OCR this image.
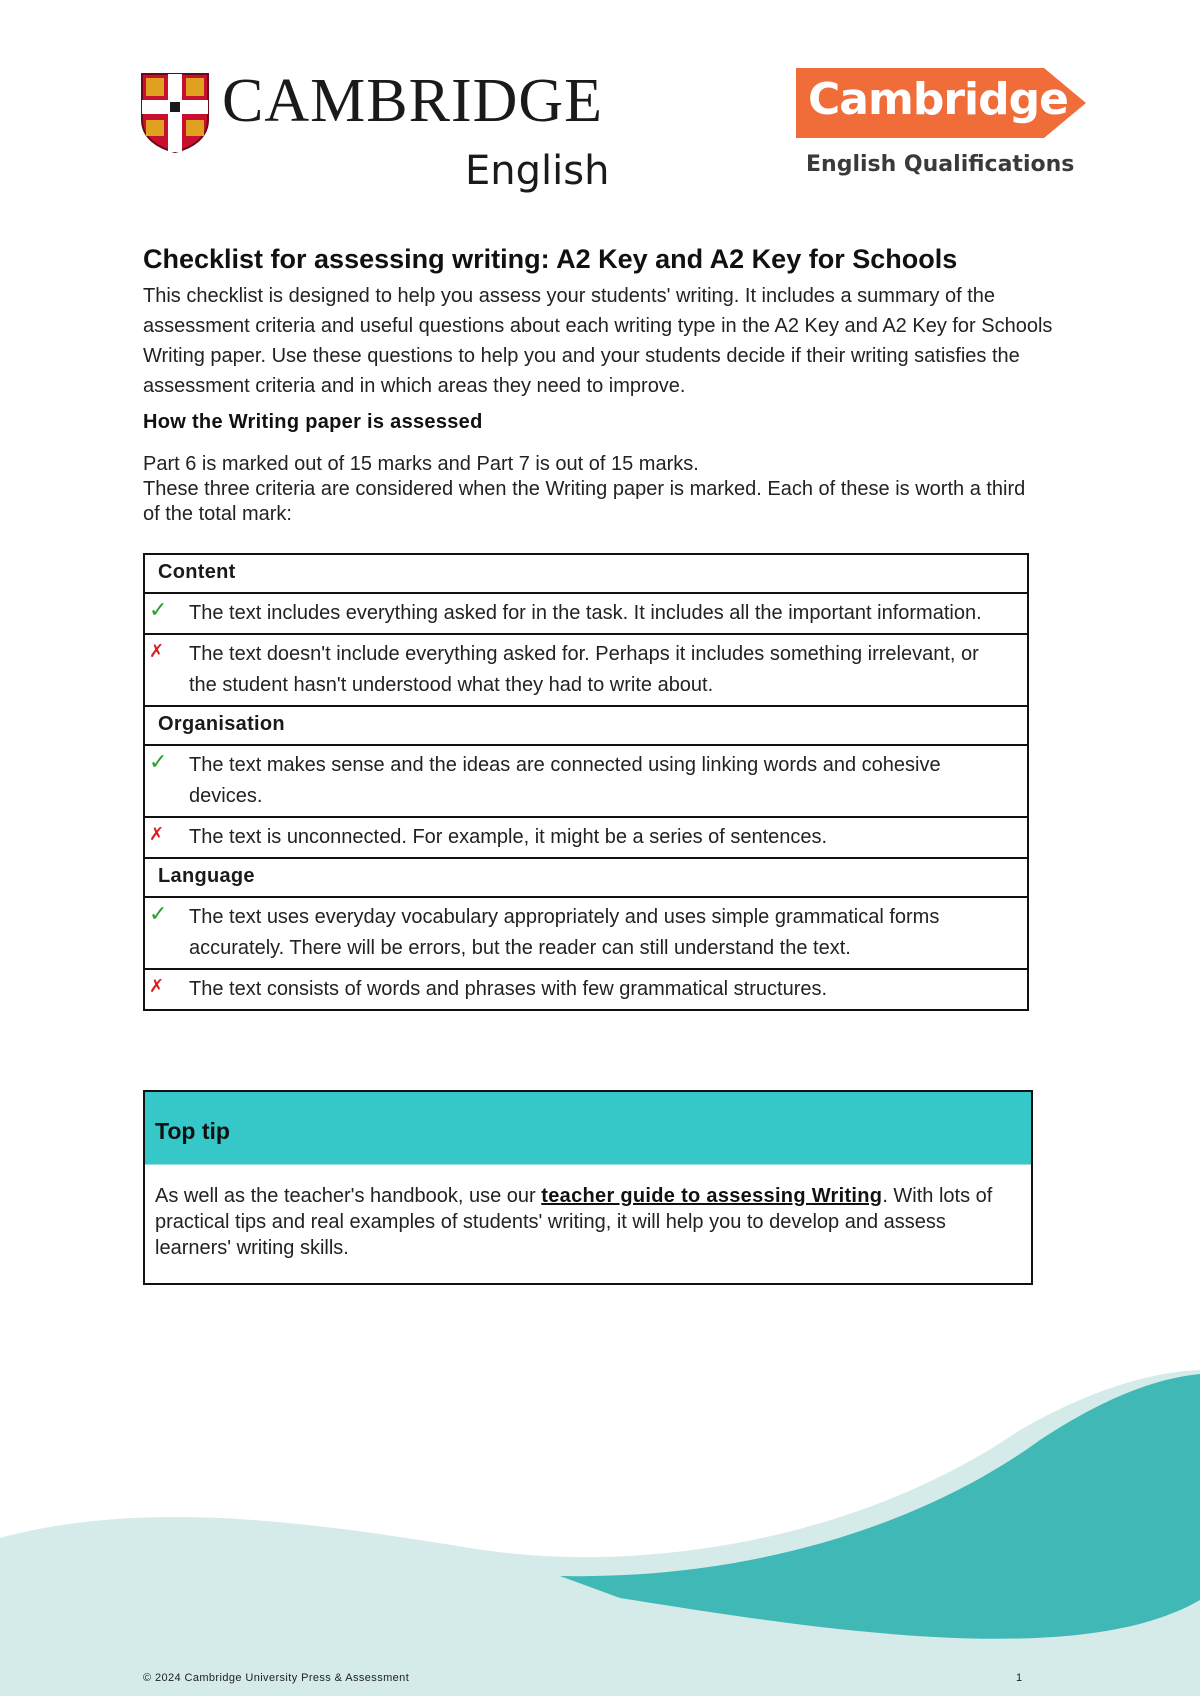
CAMBRIDGE
English
Cambridge
English Qualifications
Checklist for assessing writing: A2 Key and A2 Key for Schools

This checklist is designed to help you assess your students' writing. It includes a summary of the assessment criteria and useful questions about each writing type in the A2 Key and A2 Key for Schools Writing paper. Use these questions to help you and your students decide if their writing satisfies the assessment criteria and in which areas they need to improve.

How the Writing paper is assessed

Part 6 is marked out of 15 marks and Part 7 is out of 15 marks.
These three criteria are considered when the Writing paper is marked. Each of these is worth a third of the total mark:

Content

✓	The text includes everything asked for in the task. It includes all the important information.

✗	The text doesn't include everything asked for. Perhaps it includes something irrelevant, or the student hasn't understood what they had to write about.

Organisation

✓	The text makes sense and the ideas are connected using linking words and cohesive devices.

✗	The text is unconnected. For example, it might be a series of sentences.

Language

✓	The text uses everyday vocabulary appropriately and uses simple grammatical forms accurately. There will be errors, but the reader can still understand the text.

✗	The text consists of words and phrases with few grammatical structures.
Top tip
As well as the teacher's handbook, use our teacher guide to assessing Writing. With lots of practical tips and real examples of students' writing, it will help you to develop and assess learners' writing skills.
© 2024 Cambridge University Press & Assessment	1
